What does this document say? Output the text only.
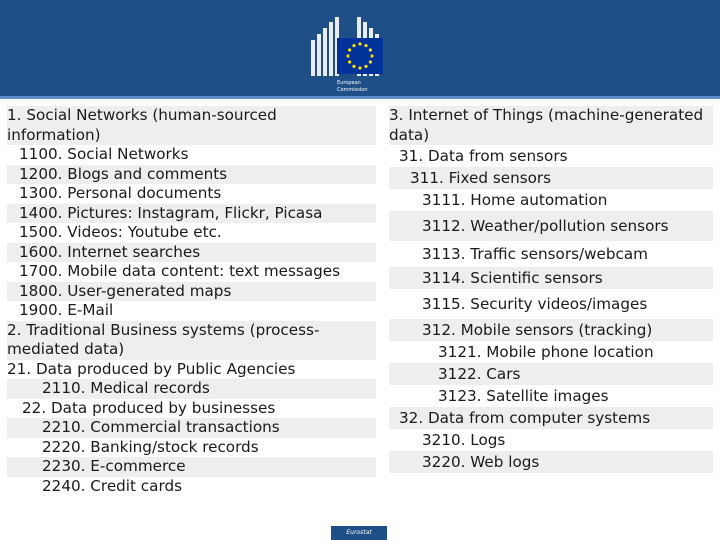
European
Commission
1. Social Networks (human-sourced information)
1100. Social Networks
1200. Blogs and comments
1300. Personal documents
1400. Pictures: Instagram, Flickr, Picasa
1500. Videos: Youtube etc.
1600. Internet searches
1700. Mobile data content: text messages
1800. User-generated maps
1900. E-Mail
2. Traditional Business systems (process-mediated data)
21. Data produced by Public Agencies
2110. Medical records
22. Data produced by businesses
2210. Commercial transactions
2220. Banking/stock records
2230. E-commerce
2240. Credit cards
3. Internet of Things (machine-generated data)
31. Data from sensors
311. Fixed sensors
3111. Home automation
3112. Weather/pollution sensors
3113. Traffic sensors/webcam
3114. Scientific sensors
3115. Security videos/images
312. Mobile sensors (tracking)
3121. Mobile phone location
3122. Cars
3123. Satellite images
32. Data from computer systems
3210. Logs
3220. Web logs
Eurostat
